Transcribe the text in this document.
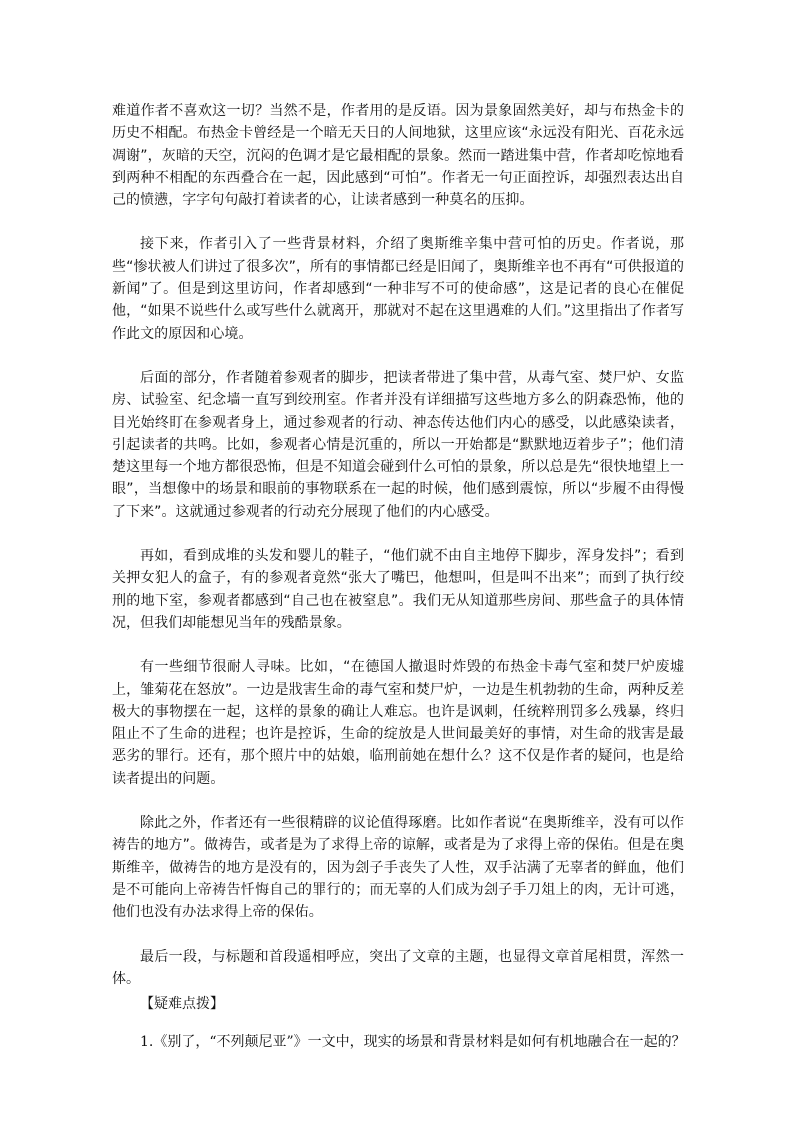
难道作者不喜欢这一切？当然不是，作者用的是反语。因为景象固然美好，却与布热金卡的历史不相配。布热金卡曾经是一个暗无天日的人间地狱，这里应该“永远没有阳光、百花永远凋谢”，灰暗的天空，沉闷的色调才是它最相配的景象。然而一踏进集中营，作者却吃惊地看到两种不相配的东西叠合在一起，因此感到“可怕”。作者无一句正面控诉，却强烈表达出自己的愤懑，字字句句敲打着读者的心，让读者感到一种莫名的压抑。

接下来，作者引入了一些背景材料，介绍了奥斯维辛集中营可怕的历史。作者说，那些“惨状被人们讲过了很多次”，所有的事情都已经是旧闻了，奥斯维辛也不再有“可供报道的新闻”了。但是到这里访问，作者却感到“一种非写不可的使命感”，这是记者的良心在催促他，“如果不说些什么或写些什么就离开，那就对不起在这里遇难的人们。”这里指出了作者写作此文的原因和心境。

后面的部分，作者随着参观者的脚步，把读者带进了集中营，从毒气室、焚尸炉、女监房、试验室、纪念墙一直写到绞刑室。作者并没有详细描写这些地方多么的阴森恐怖，他的目光始终盯在参观者身上，通过参观者的行动、神态传达他们内心的感受，以此感染读者，引起读者的共鸣。比如，参观者心情是沉重的，所以一开始都是“默默地迈着步子”；他们清楚这里每一个地方都很恐怖，但是不知道会碰到什么可怕的景象，所以总是先“很快地望上一眼”，当想像中的场景和眼前的事物联系在一起的时候，他们感到震惊，所以“步履不由得慢了下来”。这就通过参观者的行动充分展现了他们的内心感受。

再如，看到成堆的头发和婴儿的鞋子，“他们就不由自主地停下脚步，浑身发抖”；看到关押女犯人的盒子，有的参观者竟然“张大了嘴巴，他想叫，但是叫不出来”；而到了执行绞刑的地下室，参观者都感到“自己也在被窒息”。我们无从知道那些房间、那些盒子的具体情况，但我们却能想见当年的残酷景象。

有一些细节很耐人寻味。比如，“在德国人撤退时炸毁的布热金卡毒气室和焚尸炉废墟上，雏菊花在怒放”。一边是戕害生命的毒气室和焚尸炉，一边是生机勃勃的生命，两种反差极大的事物摆在一起，这样的景象的确让人难忘。也许是讽刺，任统粹刑罚多么残暴，终归阻止不了生命的进程；也许是控诉，生命的绽放是人世间最美好的事情，对生命的戕害是最恶劣的罪行。还有，那个照片中的姑娘，临刑前她在想什么？这不仅是作者的疑问，也是给读者提出的问题。

除此之外，作者还有一些很精辟的议论值得琢磨。比如作者说“在奥斯维辛，没有可以作祷告的地方”。做祷告，或者是为了求得上帝的谅解，或者是为了求得上帝的保佑。但是在奥斯维辛，做祷告的地方是没有的，因为刽子手丧失了人性，双手沾满了无辜者的鲜血，他们是不可能向上帝祷告忏悔自己的罪行的；而无辜的人们成为刽子手刀俎上的肉，无计可逃，他们也没有办法求得上帝的保佑。

最后一段，与标题和首段遥相呼应，突出了文章的主题，也显得文章首尾相贯，浑然一体。

【疑难点拨】

1.《别了，“不列颠尼亚”》一文中，现实的场景和背景材料是如何有机地融合在一起的？
